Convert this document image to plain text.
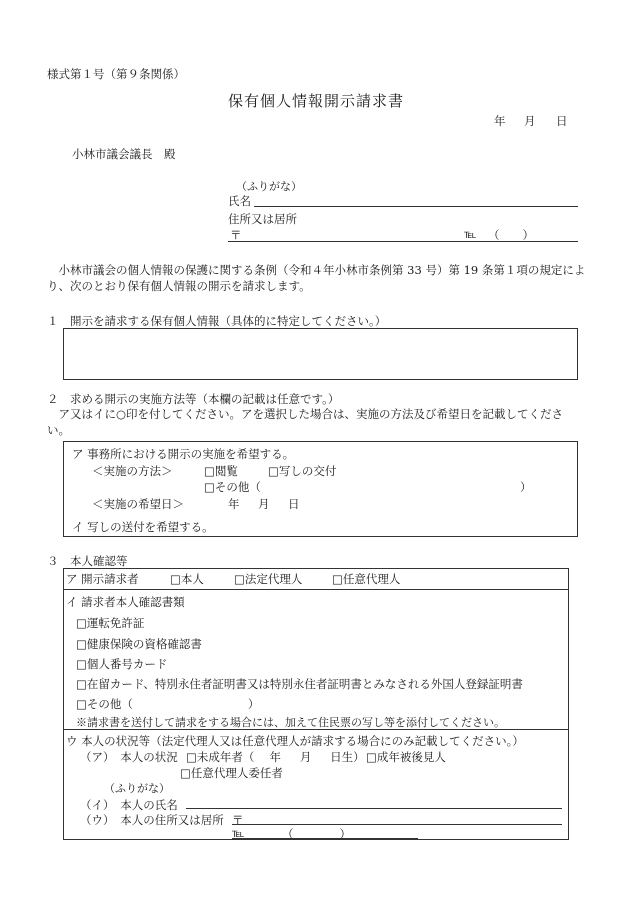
様式第１号（第９条関係）
保有個人情報開示請求書
年 月 日
小林市議会議長　殿
（ふりがな）
氏名
住所又は居所
〒	℡ （　　）
　小林市議会の個人情報の保護に関する条例（令和４年小林市条例第 33 号）第 19 条第１項の規定により、次のとおり保有個人情報の開示を請求します。
１　開示を請求する保有個人情報（具体的に特定してください。）
２　求める開示の実施方法等（本欄の記載は任意です。）
　ア又はイに○印を付してください。アを選択した場合は、実施の方法及び希望日を記載してください。
ア 事務所における開示の実施を希望する。
＜実施の方法＞	□閲覧	□写しの交付
□その他（	）
＜実施の希望日＞	年 月 日
イ 写しの送付を希望する。
３　本人確認等
ア 開示請求者	□本人	□法定代理人	□任意代理人
イ 請求者本人確認書類
□運転免許証
□健康保険の資格確認書
□個人番号カード
□在留カード、特別永住者証明書又は特別永住者証明書とみなされる外国人登録証明書
□その他（　　　　　　　　　　）
※請求書を送付して請求をする場合には、加えて住民票の写し等を添付してください。
ウ 本人の状況等（法定代理人又は任意代理人が請求する場合にのみ記載してください。）
（ア）　本人の状況 □未成年者（　 年 　 月 　 日生） □成年被後見人
□任意代理人委任者
（ふりがな）
（イ）　本人の氏名
（ウ）　本人の住所又は居所 〒
℡	（　　　　）
